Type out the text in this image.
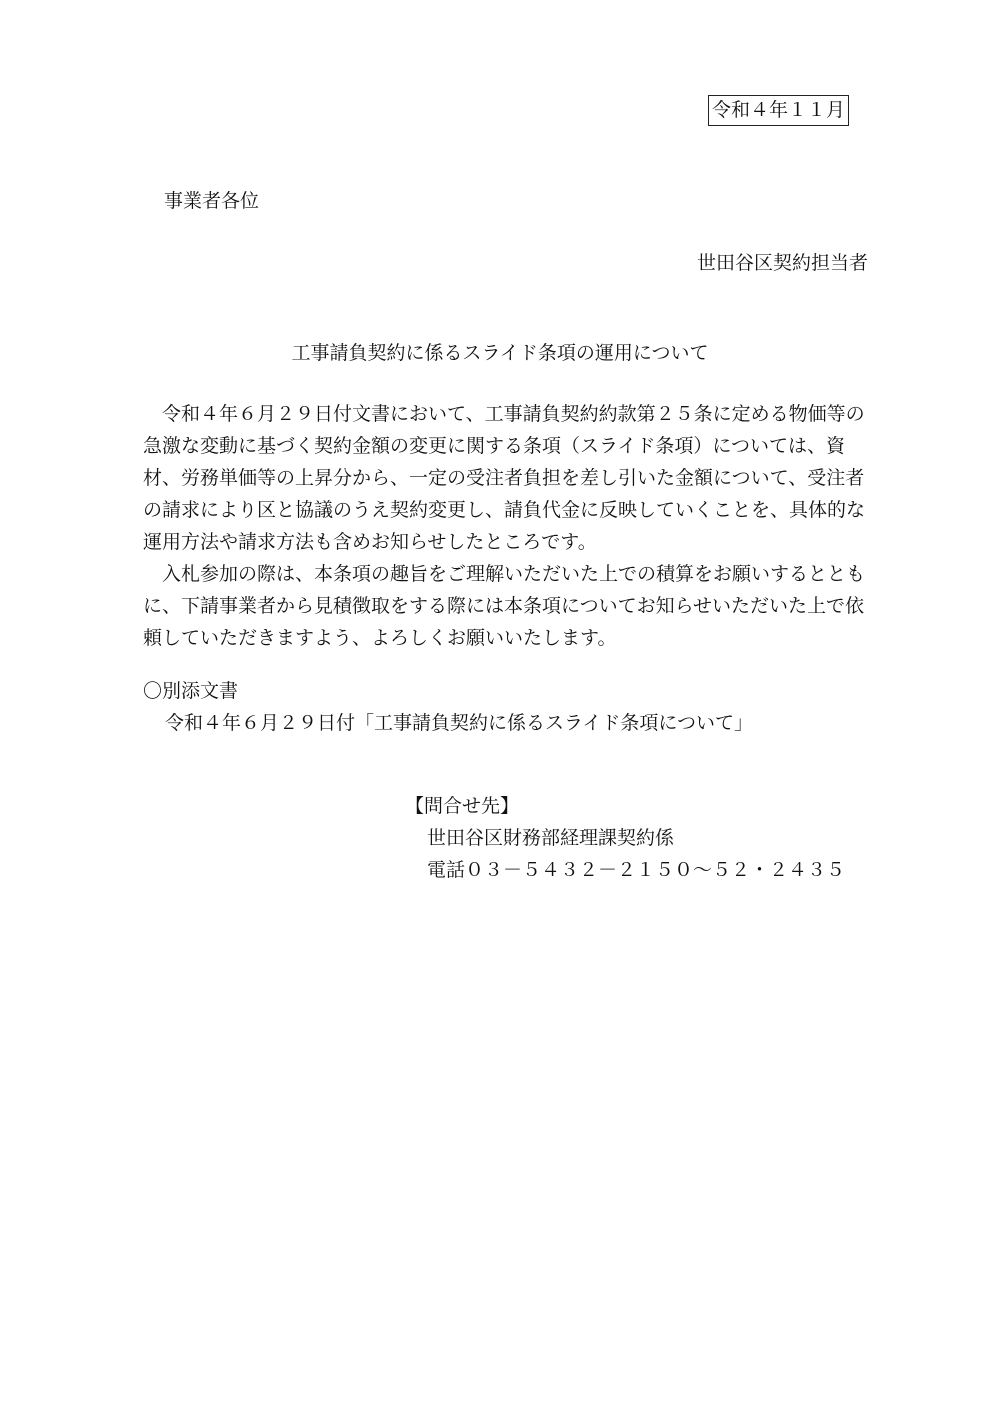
令和４年１１月
事業者各位
世田谷区契約担当者
工事請負契約に係るスライド条項の運用について

令和４年６月２９日付文書において、工事請負契約約款第２５条に定める物価等の急激な変動に基づく契約金額の変更に関する条項（スライド条項）については、資材、労務単価等の上昇分から、一定の受注者負担を差し引いた金額について、受注者の請求により区と協議のうえ契約変更し、請負代金に反映していくことを、具体的な運用方法や請求方法も含めお知らせしたところです。

入札参加の際は、本条項の趣旨をご理解いただいた上での積算をお願いするとともに、下請事業者から見積徴取をする際には本条項についてお知らせいただいた上で依頼していただきますよう、よろしくお願いいたします。

〇別添文書
令和４年６月２９日付「工事請負契約に係るスライド条項について」
【問合せ先】
世田谷区財務部経理課契約係
電話０３－５４３２－２１５０～５２・２４３５
